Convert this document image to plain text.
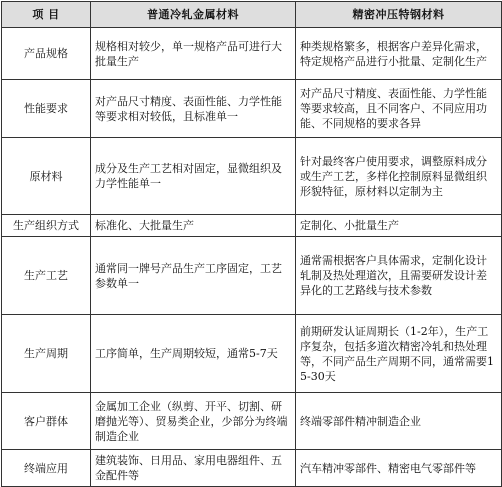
项 目	普通冷轧金属材料	精密冲压特钢材料
产品规格	规格相对较少，单一规格产品可进行大批量生产	种类规格繁多，根据客户差异化需求，特定规格产品进行小批量、定制化生产
性能要求	对产品尺寸精度、表面性能、力学性能等要求相对较低，且标准单一	对产品尺寸精度、表面性能、力学性能等要求较高，且不同客户、不同应用功能、不同规格的要求各异
原材料	成分及生产工艺相对固定，显微组织及力学性能单一	针对最终客户使用要求，调整原料成分或生产工艺，多样化控制原料显微组织形貌特征，原材料以定制为主
生产组织方式	标准化、大批量生产	定制化、小批量生产
生产工艺	通常同一牌号产品生产工序固定，工艺参数单一	通常需根据客户具体需求，定制化设计轧制及热处理道次，且需要研发设计差异化的工艺路线与技术参数
生产周期	工序简单，生产周期较短，通常5-7天	前期研发认证周期长（1-2年），生产工序复杂，包括多道次精密冷轧和热处理等，不同产品生产周期不同，通常需要15-30天
客户群体	金属加工企业（纵剪、开平、切割、研磨抛光等）、贸易类企业，少部分为终端制造企业	终端零部件精冲制造企业
终端应用	建筑装饰、日用品、家用电器组件、五金配件等	汽车精冲零部件、精密电气零部件等
